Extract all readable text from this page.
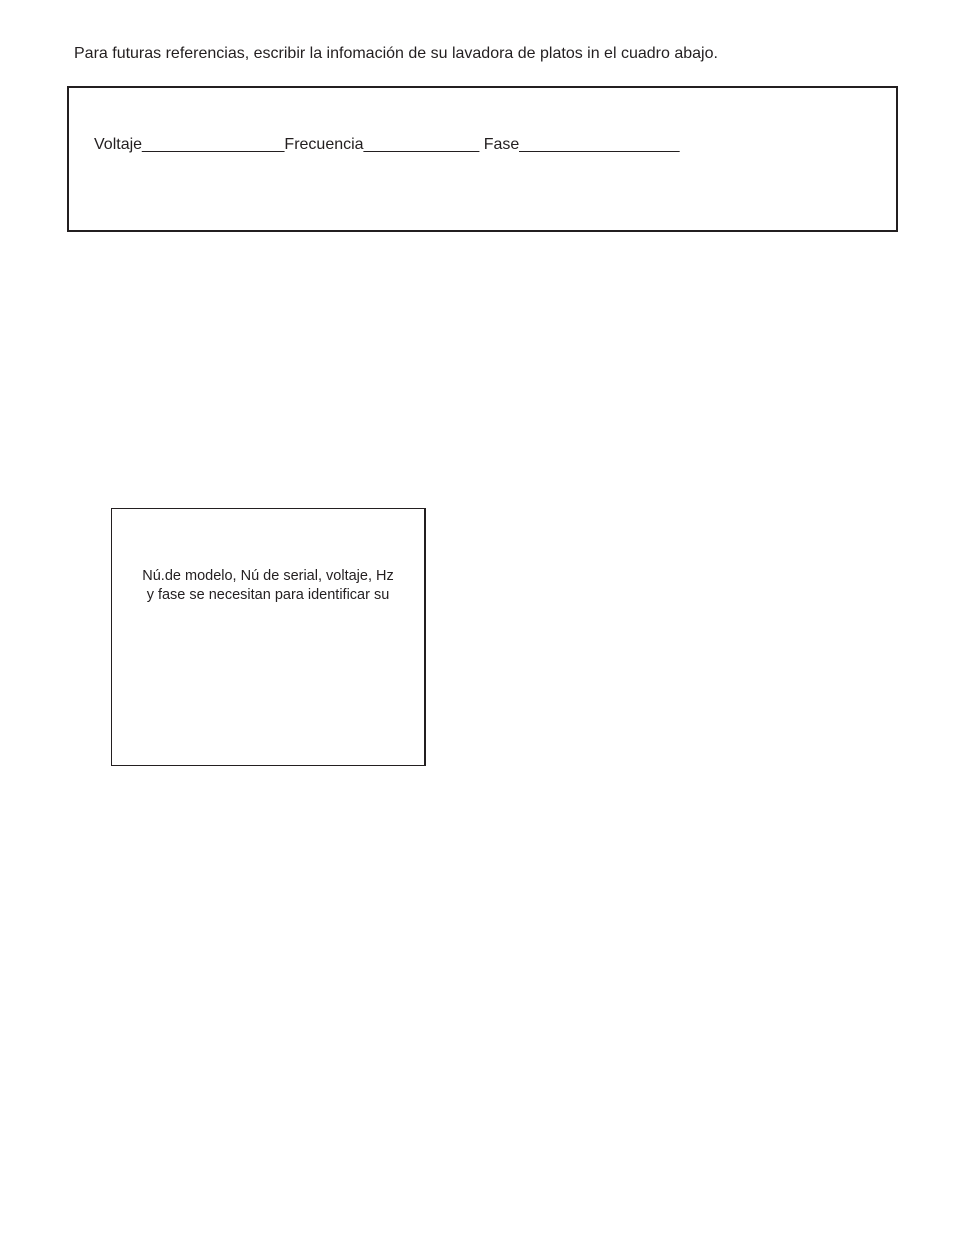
Para futuras referencias, escribir la infomación de su lavadora de platos in el cuadro abajo.

Voltaje________________Frecuencia_____________ Fase__________________

Nú.de modelo, Nú de serial, voltaje, Hz
y fase se necesitan para identificar su
